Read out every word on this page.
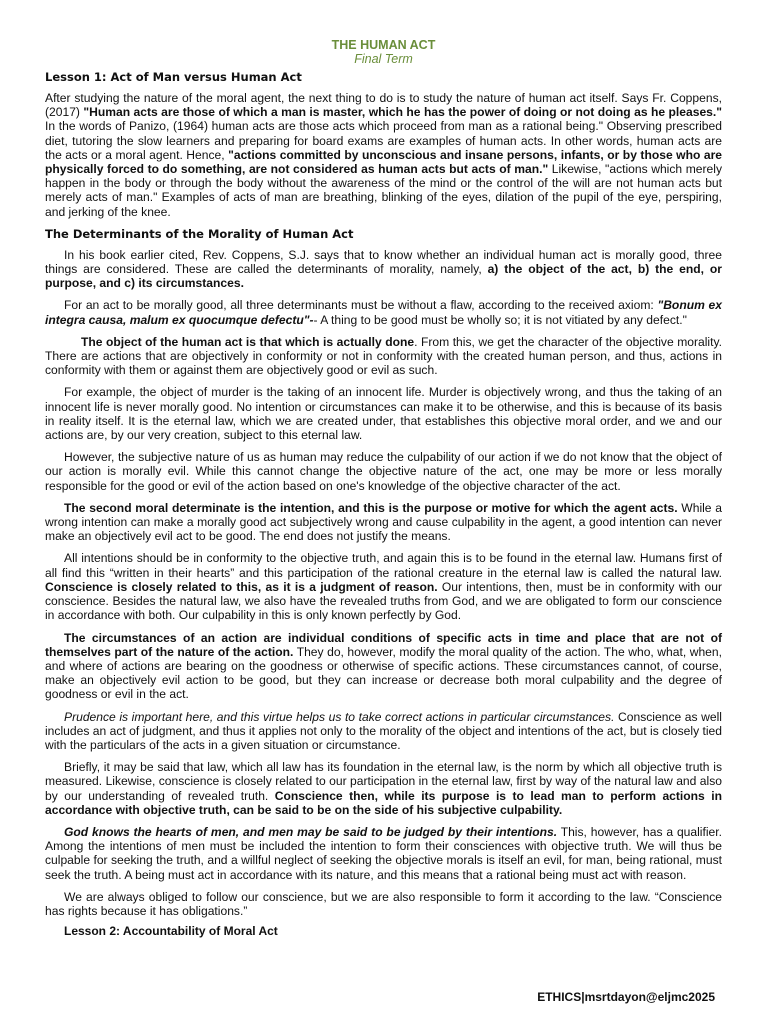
THE HUMAN ACT
Final Term
Lesson 1: Act of Man versus Human Act

After studying the nature of the moral agent, the next thing to do is to study the nature of human act itself. Says Fr. Coppens, (2017) "Human acts are those of which a man is master, which he has the power of doing or not doing as he pleases." In the words of Panizo, (1964) human acts are those acts which proceed from man as a rational being." Observing prescribed diet, tutoring the slow learners and preparing for board exams are examples of human acts. In other words, human acts are the acts or a moral agent. Hence, "actions committed by unconscious and insane persons, infants, or by those who are physically forced to do something, are not considered as human acts but acts of man." Likewise, "actions which merely happen in the body or through the body without the awareness of the mind or the control of the will are not human acts but merely acts of man." Examples of acts of man are breathing, blinking of the eyes, dilation of the pupil of the eye, perspiring, and jerking of the knee.

The Determinants of the Morality of Human Act

In his book earlier cited, Rev. Coppens, S.J. says that to know whether an individual human act is morally good, three things are considered. These are called the determinants of morality, namely, a) the object of the act, b) the end, or purpose, and c) its circumstances.

For an act to be morally good, all three determinants must be without a flaw, according to the received axiom: "Bonum ex integra causa, malum ex quocumque defectu"-- A thing to be good must be wholly so; it is not vitiated by any defect."

The object of the human act is that which is actually done. From this, we get the character of the objective morality. There are actions that are objectively in conformity or not in conformity with the created human person, and thus, actions in conformity with them or against them are objectively good or evil as such.

For example, the object of murder is the taking of an innocent life. Murder is objectively wrong, and thus the taking of an innocent life is never morally good. No intention or circumstances can make it to be otherwise, and this is because of its basis in reality itself. It is the eternal law, which we are created under, that establishes this objective moral order, and we and our actions are, by our very creation, subject to this eternal law.

However, the subjective nature of us as human may reduce the culpability of our action if we do not know that the object of our action is morally evil. While this cannot change the objective nature of the act, one may be more or less morally responsible for the good or evil of the action based on one's knowledge of the objective character of the act.

The second moral determinate is the intention, and this is the purpose or motive for which the agent acts. While a wrong intention can make a morally good act subjectively wrong and cause culpability in the agent, a good intention can never make an objectively evil act to be good. The end does not justify the means.

All intentions should be in conformity to the objective truth, and again this is to be found in the eternal law. Humans first of all find this “written in their hearts” and this participation of the rational creature in the eternal law is called the natural law. Conscience is closely related to this, as it is a judgment of reason. Our intentions, then, must be in conformity with our conscience. Besides the natural law, we also have the revealed truths from God, and we are obligated to form our conscience in accordance with both. Our culpability in this is only known perfectly by God.

The circumstances of an action are individual conditions of specific acts in time and place that are not of themselves part of the nature of the action. They do, however, modify the moral quality of the action. The who, what, when, and where of actions are bearing on the goodness or otherwise of specific actions. These circumstances cannot, of course, make an objectively evil action to be good, but they can increase or decrease both moral culpability and the degree of goodness or evil in the act.

Prudence is important here, and this virtue helps us to take correct actions in particular circumstances. Conscience as well includes an act of judgment, and thus it applies not only to the morality of the object and intentions of the act, but is closely tied with the particulars of the acts in a given situation or circumstance.

Briefly, it may be said that law, which all law has its foundation in the eternal law, is the norm by which all objective truth is measured. Likewise, conscience is closely related to our participation in the eternal law, first by way of the natural law and also by our understanding of revealed truth. Conscience then, while its purpose is to lead man to perform actions in accordance with objective truth, can be said to be on the side of his subjective culpability.

God knows the hearts of men, and men may be said to be judged by their intentions. This, however, has a qualifier. Among the intentions of men must be included the intention to form their consciences with objective truth. We will thus be culpable for seeking the truth, and a willful neglect of seeking the objective morals is itself an evil, for man, being rational, must seek the truth. A being must act in accordance with its nature, and this means that a rational being must act with reason.

We are always obliged to follow our conscience, but we are also responsible to form it according to the law. “Conscience has rights because it has obligations.”

Lesson 2: Accountability of Moral Act
ETHICS|msrtdayon@eljmc2025
